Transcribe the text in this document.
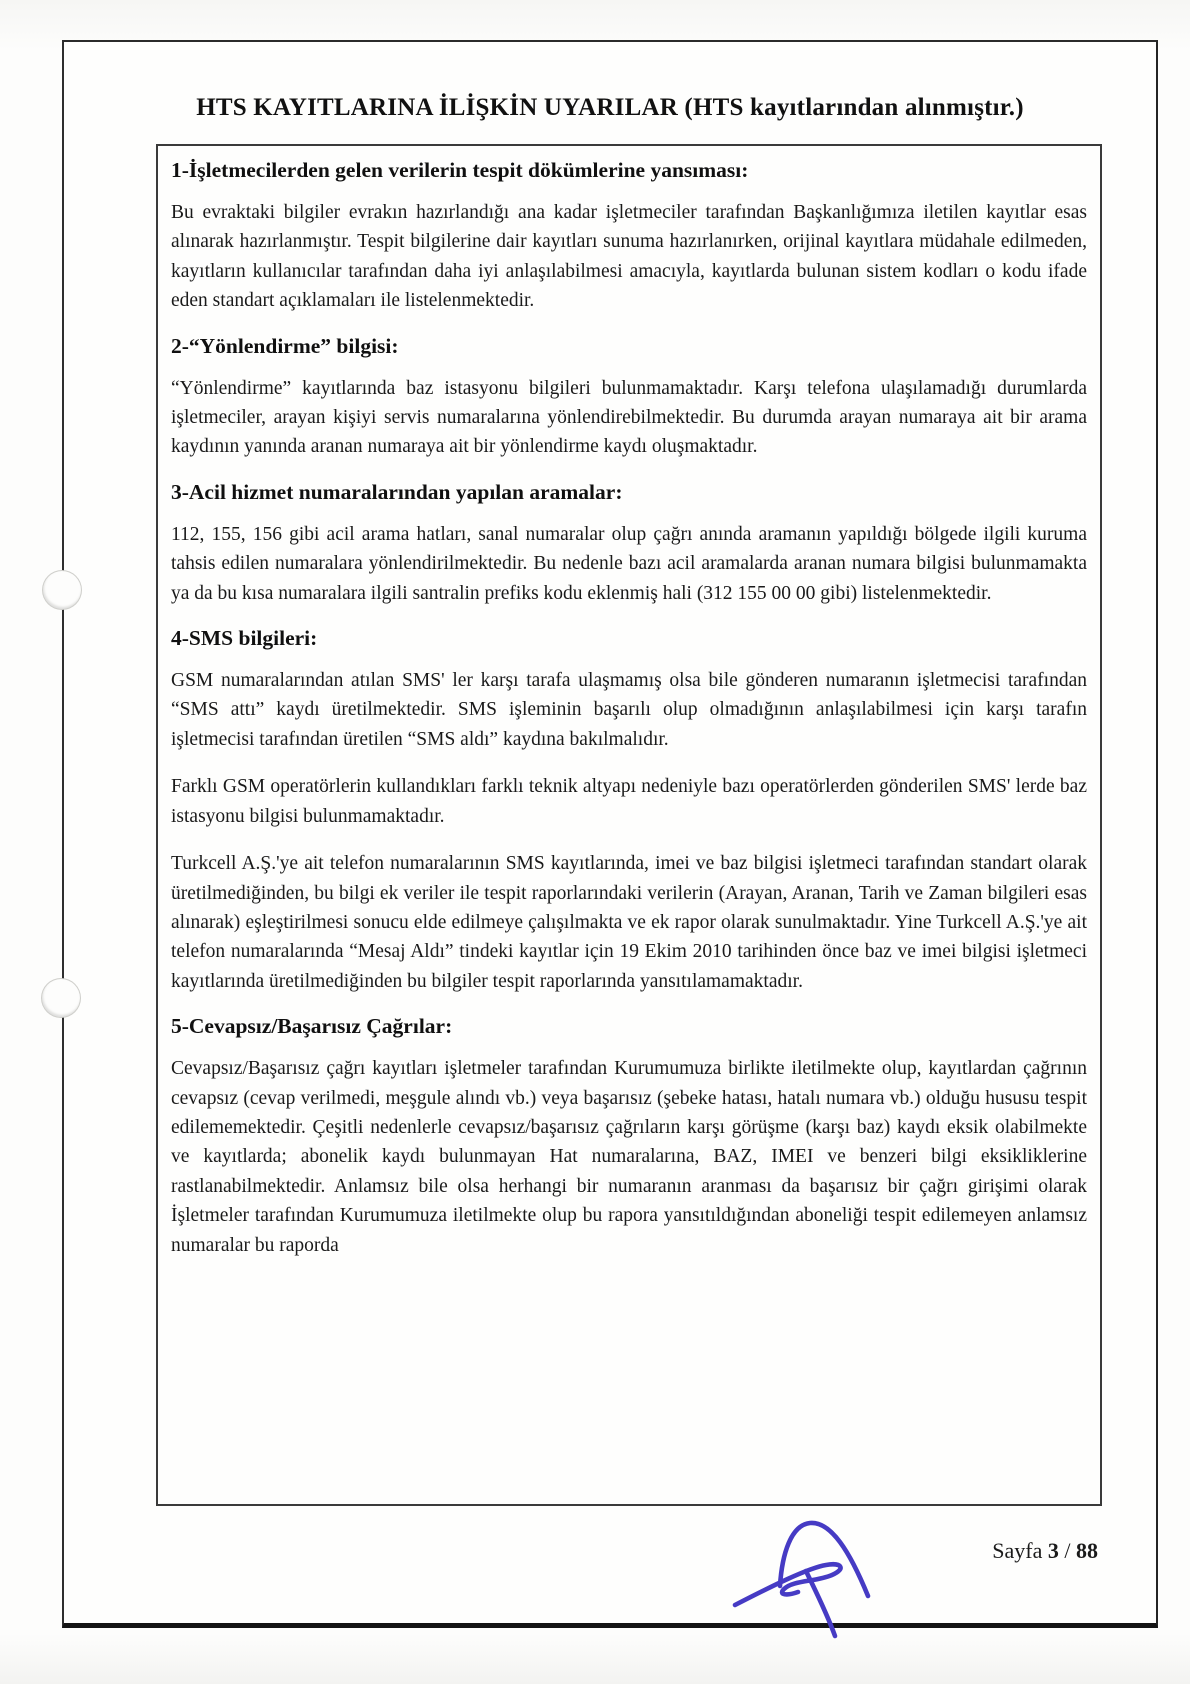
HTS KAYITLARINA İLİŞKİN UYARILAR (HTS kayıtlarından alınmıştır.)
1-İşletmecilerden gelen verilerin tespit dökümlerine yansıması:

Bu evraktaki bilgiler evrakın hazırlandığı ana kadar işletmeciler tarafından Başkanlığımıza iletilen kayıtlar esas alınarak hazırlanmıştır. Tespit bilgilerine dair kayıtları sunuma hazırlanırken, orijinal kayıtlara müdahale edilmeden, kayıtların kullanıcılar tarafından daha iyi anlaşılabilmesi amacıyla, kayıtlarda bulunan sistem kodları o kodu ifade eden standart açıklamaları ile listelenmektedir.

2-“Yönlendirme” bilgisi:

“Yönlendirme” kayıtlarında baz istasyonu bilgileri bulunmamaktadır. Karşı telefona ulaşılamadığı durumlarda işletmeciler, arayan kişiyi servis numaralarına yönlendirebilmektedir. Bu durumda arayan numaraya ait bir arama kaydının yanında aranan numaraya ait bir yönlendirme kaydı oluşmaktadır.

3-Acil hizmet numaralarından yapılan aramalar:

112, 155, 156 gibi acil arama hatları, sanal numaralar olup çağrı anında aramanın yapıldığı bölgede ilgili kuruma tahsis edilen numaralara yönlendirilmektedir. Bu nedenle bazı acil aramalarda aranan numara bilgisi bulunmamakta ya da bu kısa numaralara ilgili santralin prefiks kodu eklenmiş hali (312 155 00 00 gibi) listelenmektedir.

4-SMS bilgileri:

GSM numaralarından atılan SMS' ler karşı tarafa ulaşmamış olsa bile gönderen numaranın işletmecisi tarafından “SMS attı” kaydı üretilmektedir. SMS işleminin başarılı olup olmadığının anlaşılabilmesi için karşı tarafın işletmecisi tarafından üretilen “SMS aldı” kaydına bakılmalıdır.

Farklı GSM operatörlerin kullandıkları farklı teknik altyapı nedeniyle bazı operatörlerden gönderilen SMS' lerde baz istasyonu bilgisi bulunmamaktadır.

Turkcell A.Ş.'ye ait telefon numaralarının SMS kayıtlarında, imei ve baz bilgisi işletmeci tarafından standart olarak üretilmediğinden, bu bilgi ek veriler ile tespit raporlarındaki verilerin (Arayan, Aranan, Tarih ve Zaman bilgileri esas alınarak) eşleştirilmesi sonucu elde edilmeye çalışılmakta ve ek rapor olarak sunulmaktadır. Yine Turkcell A.Ş.'ye ait telefon numaralarında “Mesaj Aldı” tindeki kayıtlar için 19 Ekim 2010 tarihinden önce baz ve imei bilgisi işletmeci kayıtlarında üretilmediğinden bu bilgiler tespit raporlarında yansıtılamamaktadır.

5-Cevapsız/Başarısız Çağrılar:

Cevapsız/Başarısız çağrı kayıtları işletmeler tarafından Kurumumuza birlikte iletilmekte olup, kayıtlardan çağrının cevapsız (cevap verilmedi, meşgule alındı vb.) veya başarısız (şebeke hatası, hatalı numara vb.) olduğu hususu tespit edilememektedir. Çeşitli nedenlerle cevapsız/başarısız çağrıların karşı görüşme (karşı baz) kaydı eksik olabilmekte ve kayıtlarda; abonelik kaydı bulunmayan Hat numaralarına, BAZ, IMEI ve benzeri bilgi eksikliklerine rastlanabilmektedir. Anlamsız bile olsa herhangi bir numaranın aranması da başarısız bir çağrı girişimi olarak İşletmeler tarafından Kurumumuza iletilmekte olup bu rapora yansıtıldığından aboneliği tespit edilemeyen anlamsız numaralar bu raporda

Sayfa 3 / 88
